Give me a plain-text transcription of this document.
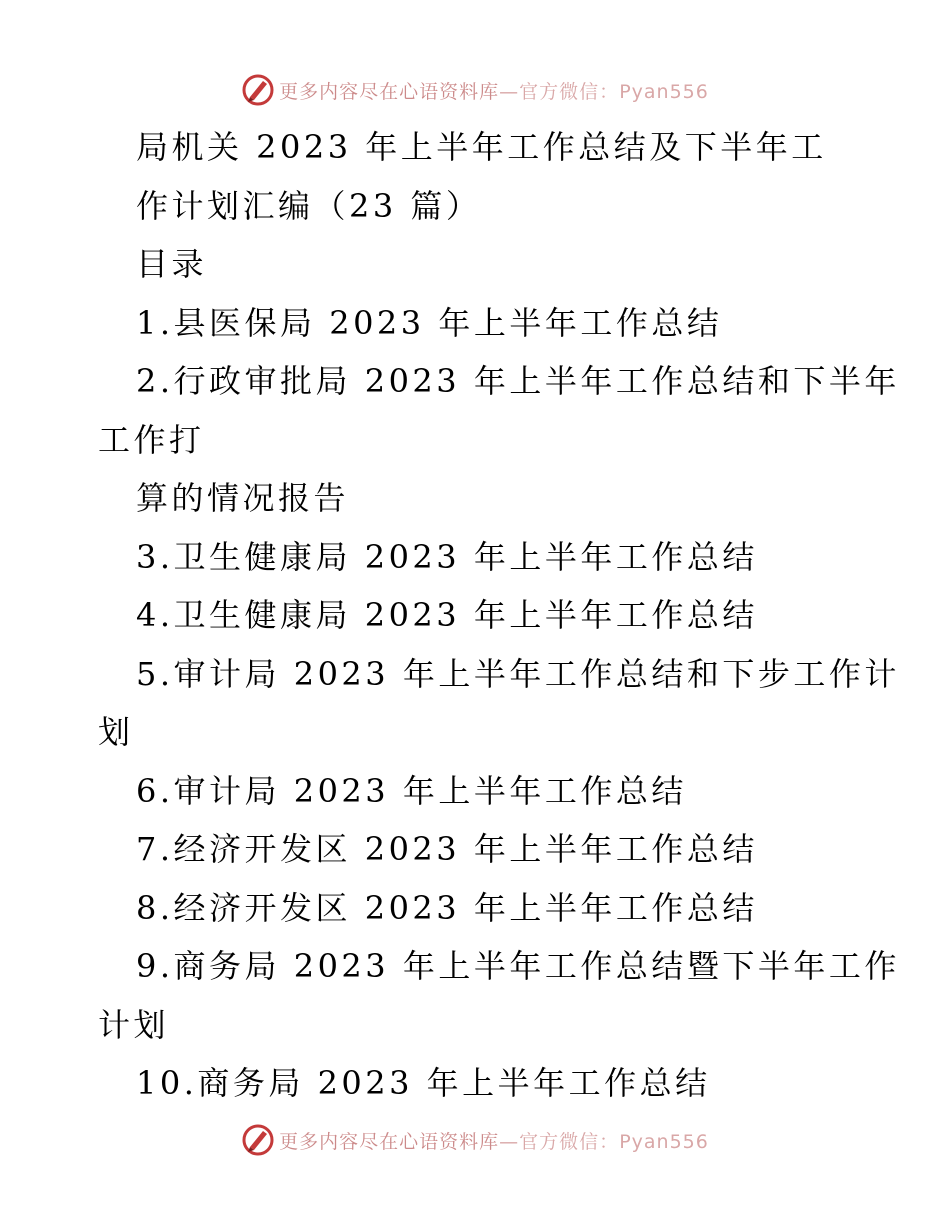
更多内容尽在心语资料库—官方微信：Pyan556

局机关 2023 年上半年工作总结及下半年工

作计划汇编（23 篇）

目录

1.县医保局 2023 年上半年工作总结

2.行政审批局 2023 年上半年工作总结和下半年

工作打

算的情况报告

3.卫生健康局 2023 年上半年工作总结

4.卫生健康局 2023 年上半年工作总结

5.审计局 2023 年上半年工作总结和下步工作计

划

6.审计局 2023 年上半年工作总结

7.经济开发区 2023 年上半年工作总结

8.经济开发区 2023 年上半年工作总结

9.商务局 2023 年上半年工作总结暨下半年工作

计划

10.商务局 2023 年上半年工作总结

更多内容尽在心语资料库—官方微信：Pyan556
